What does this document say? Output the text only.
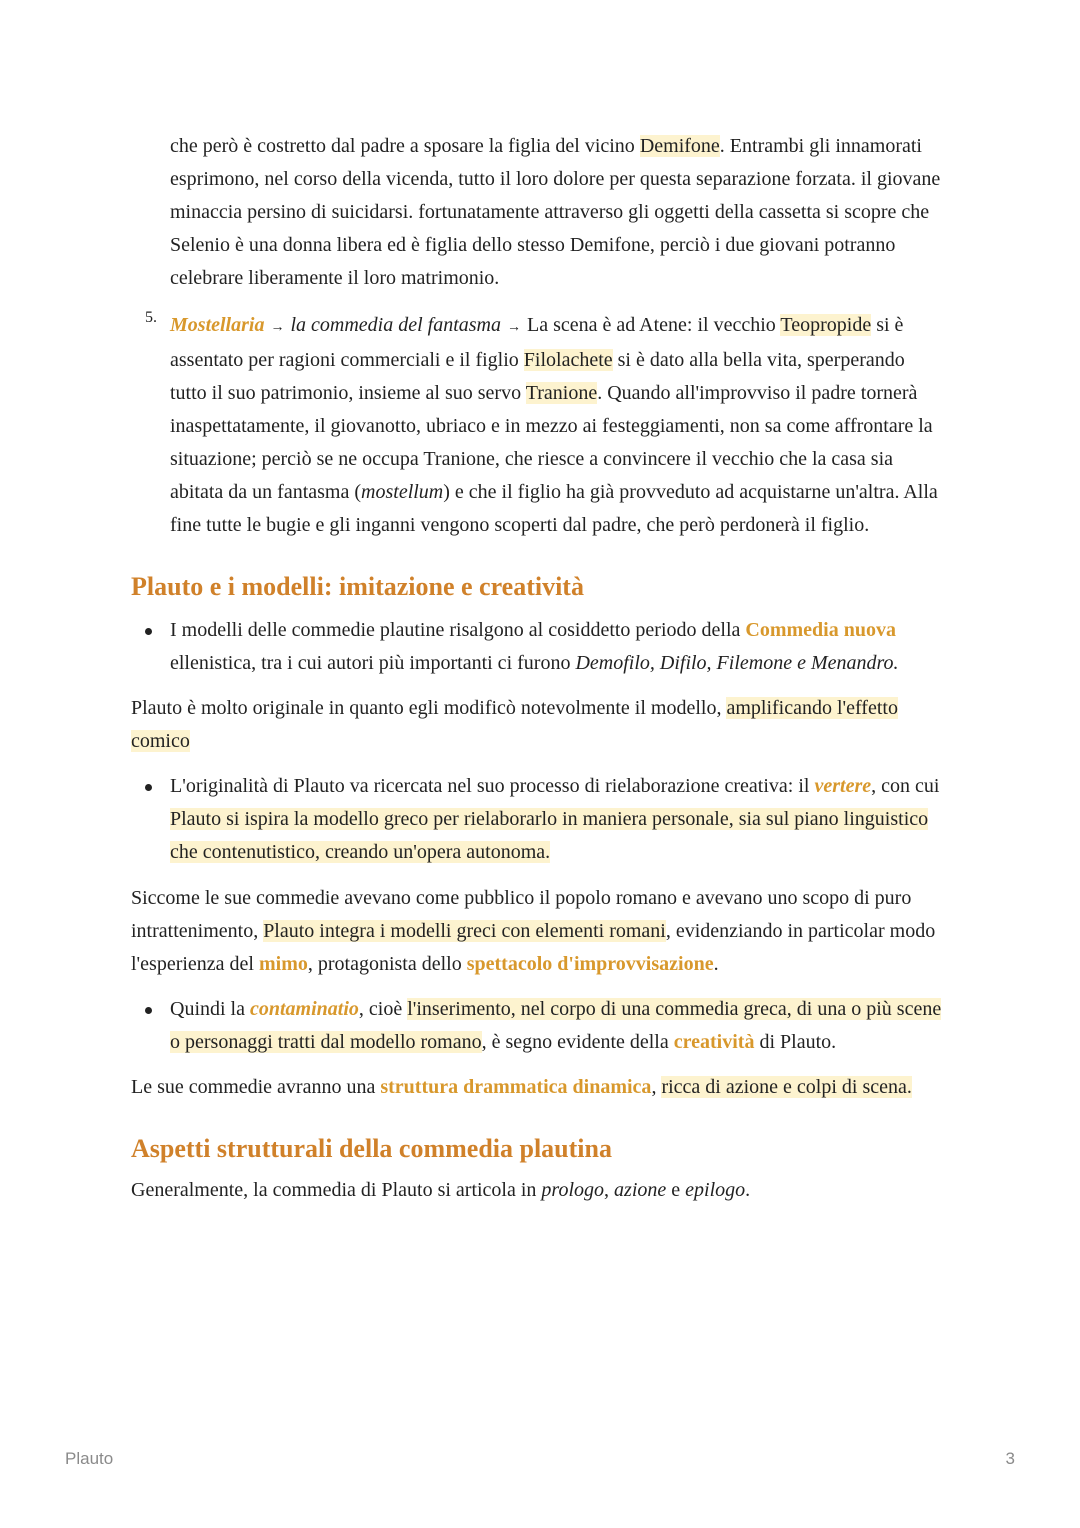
che però è costretto dal padre a sposare la figlia del vicino Demifone. Entrambi gli innamorati esprimono, nel corso della vicenda, tutto il loro dolore per questa separazione forzata. il giovane minaccia persino di suicidarsi. fortunatamente attraverso gli oggetti della cassetta si scopre che Selenio è una donna libera ed è figlia dello stesso Demifone, perciò i due giovani potranno celebrare liberamente il loro matrimonio.

5. Mostellaria → la commedia del fantasma → La scena è ad Atene: il vecchio Teopropide si è assentato per ragioni commerciali e il figlio Filolachete si è dato alla bella vita, sperperando tutto il suo patrimonio, insieme al suo servo Tranione. Quando all'improvviso il padre tornerà inaspettatamente, il giovanotto, ubriaco e in mezzo ai festeggiamenti, non sa come affrontare la situazione; perciò se ne occupa Tranione, che riesce a convincere il vecchio che la casa sia abitata da un fantasma (mostellum) e che il figlio ha già provveduto ad acquistarne un'altra. Alla fine tutte le bugie e gli inganni vengono scoperti dal padre, che però perdonerà il figlio.

Plauto e i modelli: imitazione e creatività

I modelli delle commedie plautine risalgono al cosiddetto periodo della Commedia nuova ellenistica, tra i cui autori più importanti ci furono Demofilo, Difilo, Filemone e Menandro.

Plauto è molto originale in quanto egli modificò notevolmente il modello, amplificando l'effetto comico

L'originalità di Plauto va ricercata nel suo processo di rielaborazione creativa: il vertere, con cui Plauto si ispira la modello greco per rielaborarlo in maniera personale, sia sul piano linguistico che contenutistico, creando un'opera autonoma.

Siccome le sue commedie avevano come pubblico il popolo romano e avevano uno scopo di puro intrattenimento, Plauto integra i modelli greci con elementi romani, evidenziando in particolar modo l'esperienza del mimo, protagonista dello spettacolo d'improvvisazione.

Quindi la contaminatio, cioè l'inserimento, nel corpo di una commedia greca, di una o più scene o personaggi tratti dal modello romano, è segno evidente della creatività di Plauto.

Le sue commedie avranno una struttura drammatica dinamica, ricca di azione e colpi di scena.

Aspetti strutturali della commedia plautina

Generalmente, la commedia di Plauto si articola in prologo, azione e epilogo.

Plauto	3
